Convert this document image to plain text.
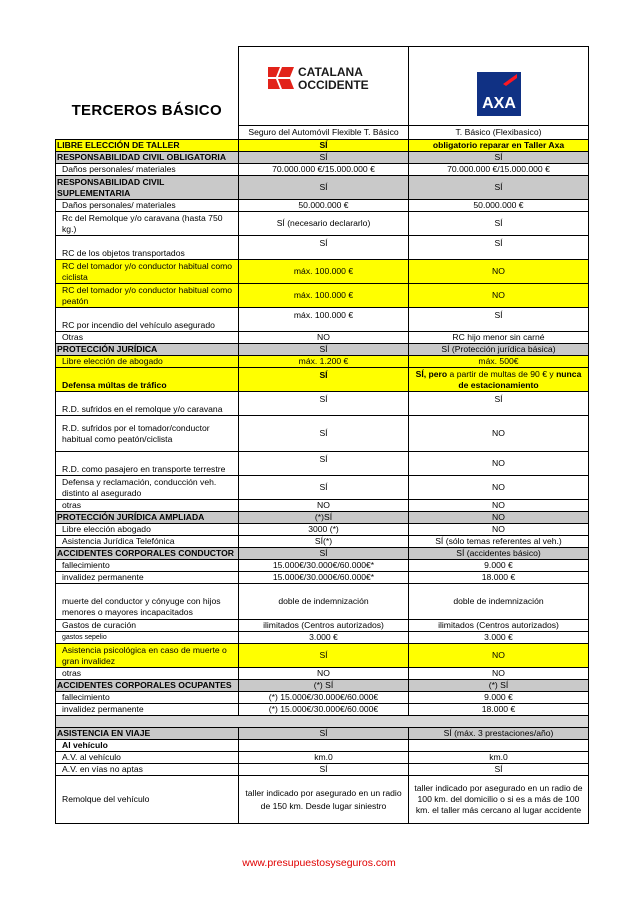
TERCEROS BÁSICO	CATALANA
OCCIDENTE	AXA

	Seguro del Automóvil Flexible T. Básico	T. Básico (Flexibasico)
LIBRE ELECCIÓN DE TALLER	SÍ	obligatorio reparar en Taller Axa
RESPONSABILIDAD CIVIL OBLIGATORIA	SÍ	SÍ
Daños personales/ materiales	70.000.000 €/15.000.000 €	70.000.000 €/15.000.000 €
RESPONSABILIDAD CIVIL SUPLEMENTARIA	SÍ	SÍ
Daños personales/ materiales	50.000.000 €	50.000.000 €
Rc del Remolque y/o caravana (hasta 750 kg.)	SÍ (necesario declararlo)	SÍ
RC de los objetos transportados	SÍ	SÍ
RC del tomador y/o conductor habitual como ciclista	máx. 100.000 €	NO
RC del tomador y/o conductor habitual como peatón	máx. 100.000 €	NO
RC por incendio del vehículo asegurado	máx. 100.000 €	SÍ
Otras	NO	RC hijo menor sin carné
PROTECCIÓN JURÍDICA	SÍ	SÍ (Protección jurídica básica)
Libre elección de abogado	máx. 1.200 €	máx. 500€
Defensa múltas de tráfico	SÍ	SÍ, pero a partir de multas de 90 € y nunca de estacionamiento
R.D. sufridos en el remolque y/o caravana	SÍ	SÍ
R.D. sufridos por el tomador/conductor habitual como peatón/ciclista	SÍ	NO
R.D. como pasajero en transporte terrestre	SÍ	NO
Defensa y reclamación, conducción veh. distinto al asegurado	SÍ	NO
otras	NO	NO
PROTECCIÓN JURÍDICA AMPLIADA	(*)SÍ	NO
Libre elección abogado	3000 (*)	NO
Asistencia Jurídica Telefónica	SÍ(*)	SÍ (sólo temas referentes al veh.)
ACCIDENTES CORPORALES CONDUCTOR	SÍ	SÍ (accidentes básico)
fallecimiento	15.000€/30.000€/60.000€*	9.000 €
invalidez permanente	15.000€/30.000€/60.000€*	18.000 €
muerte del conductor y cónyuge con hijos menores o mayores incapacitados	doble de indemnización	doble de indemnización
Gastos de curación	ilimitados (Centros autorizados)	ilimitados (Centros autorizados)
gastos sepelio	3.000 €	3.000 €
Asistencia psicológica en caso de muerte o gran invalidez	SÍ	NO
otras	NO	NO
ACCIDENTES CORPORALES OCUPANTES	(*) SÍ	(*) SÍ
fallecimiento	(*) 15.000€/30.000€/60.000€	9.000 €
invalidez permanente	(*) 15.000€/30.000€/60.000€	18.000 €

ASISTENCIA EN VIAJE	SÍ	SÍ (máx. 3 prestaciones/año)
Al vehículo		
A.V. al vehículo	km.0	km.0
A.V. en vías no aptas	SÍ	SÍ
Remolque del vehículo	taller indicado por asegurado en un radio de 150 km. Desde lugar siniestro	taller indicado por asegurado en un radio de 100 km. del domicilio o si es a más de 100 km. el taller más cercano al lugar accidente
www.presupuestosyseguros.com
